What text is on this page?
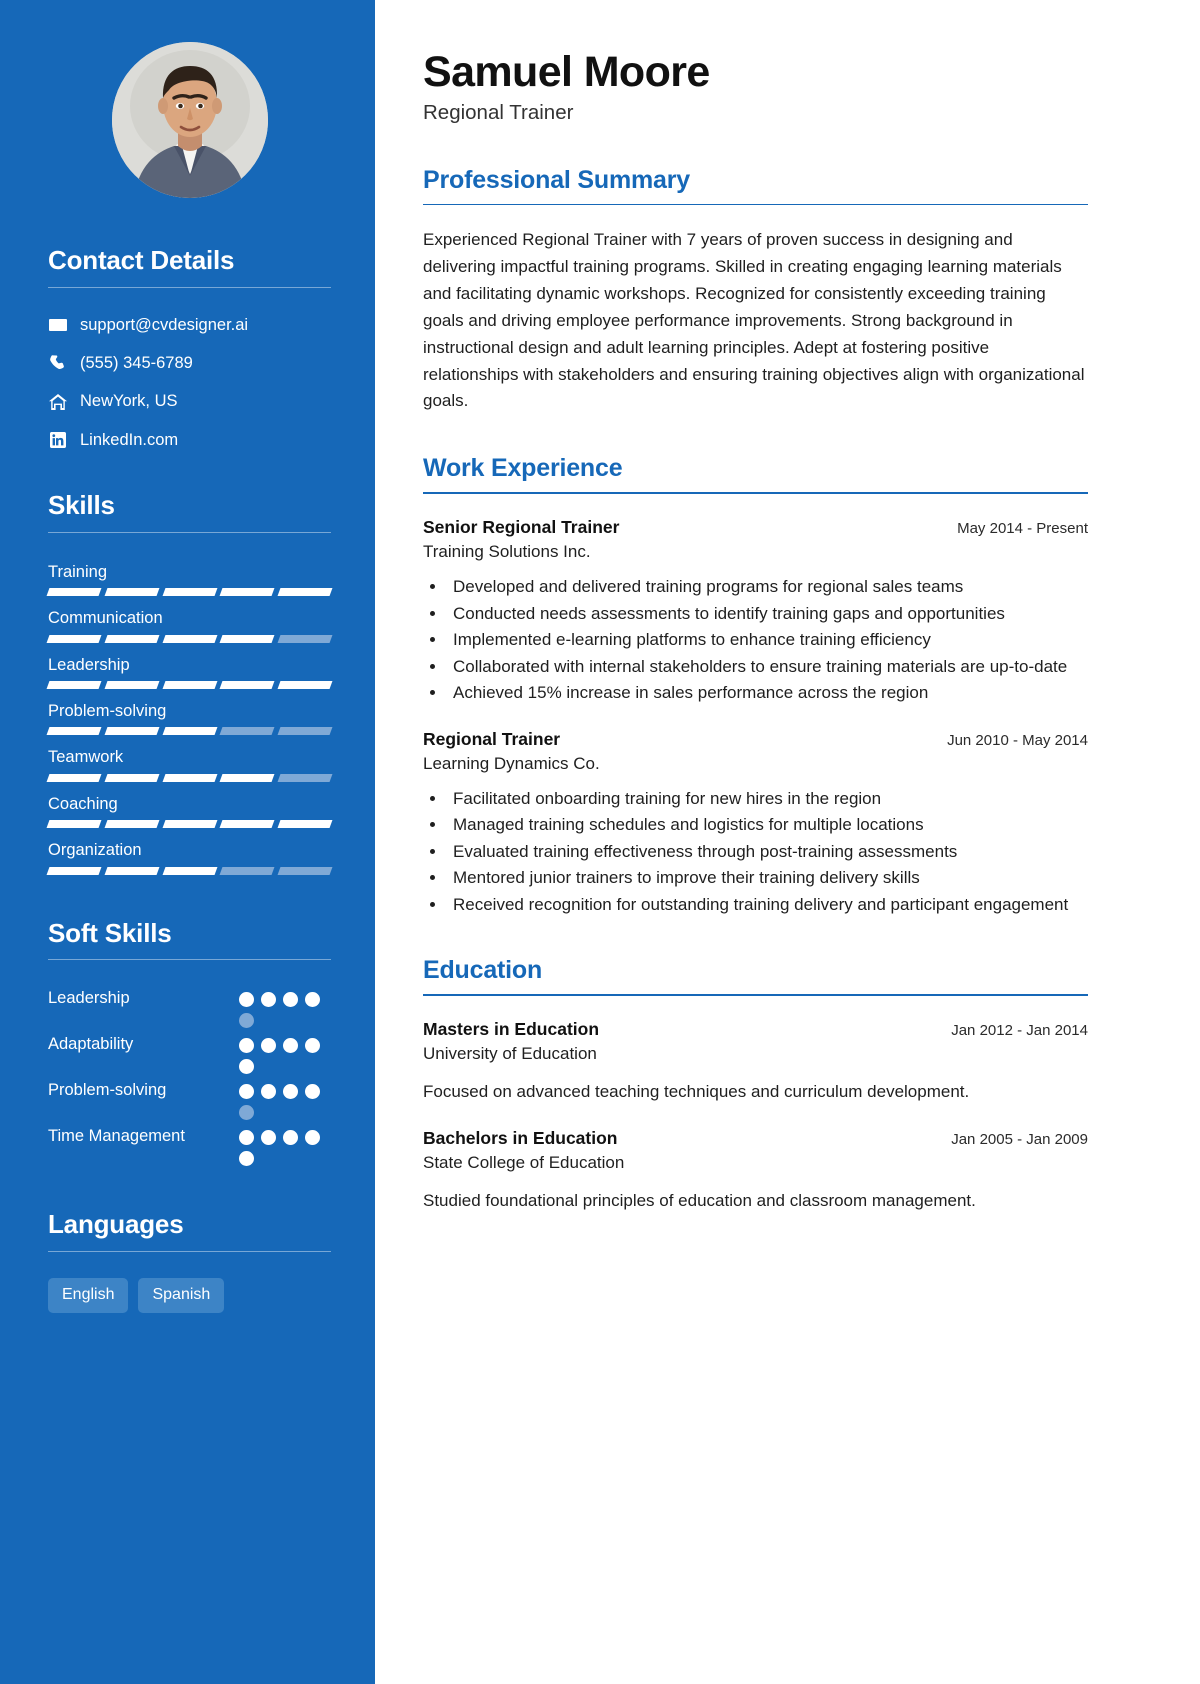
Contact Details
support@cvdesigner.ai
(555) 345-6789
NewYork, US
LinkedIn.com
Skills
Training
Communication
Leadership
Problem-solving
Teamwork
Coaching
Organization
Soft Skills
Leadership
Adaptability
Problem-solving
Time Management
Languages
English	Spanish
Samuel Moore
Regional Trainer
Professional Summary

Experienced Regional Trainer with 7 years of proven success in designing and delivering impactful training programs. Skilled in creating engaging learning materials and facilitating dynamic workshops. Recognized for consistently exceeding training goals and driving employee performance improvements. Strong background in instructional design and adult learning principles. Adept at fostering positive relationships with stakeholders and ensuring training objectives align with organizational goals.

Work Experience
Senior Regional Trainer	May 2014 - Present
Training Solutions Inc.
• Developed and delivered training programs for regional sales teams
• Conducted needs assessments to identify training gaps and opportunities
• Implemented e-learning platforms to enhance training efficiency
• Collaborated with internal stakeholders to ensure training materials are up-to-date
• Achieved 15% increase in sales performance across the region
Regional Trainer	Jun 2010 - May 2014
Learning Dynamics Co.
• Facilitated onboarding training for new hires in the region
• Managed training schedules and logistics for multiple locations
• Evaluated training effectiveness through post-training assessments
• Mentored junior trainers to improve their training delivery skills
• Received recognition for outstanding training delivery and participant engagement
Education
Masters in Education	Jan 2012 - Jan 2014
University of Education
Focused on advanced teaching techniques and curriculum development.
Bachelors in Education	Jan 2005 - Jan 2009
State College of Education
Studied foundational principles of education and classroom management.
